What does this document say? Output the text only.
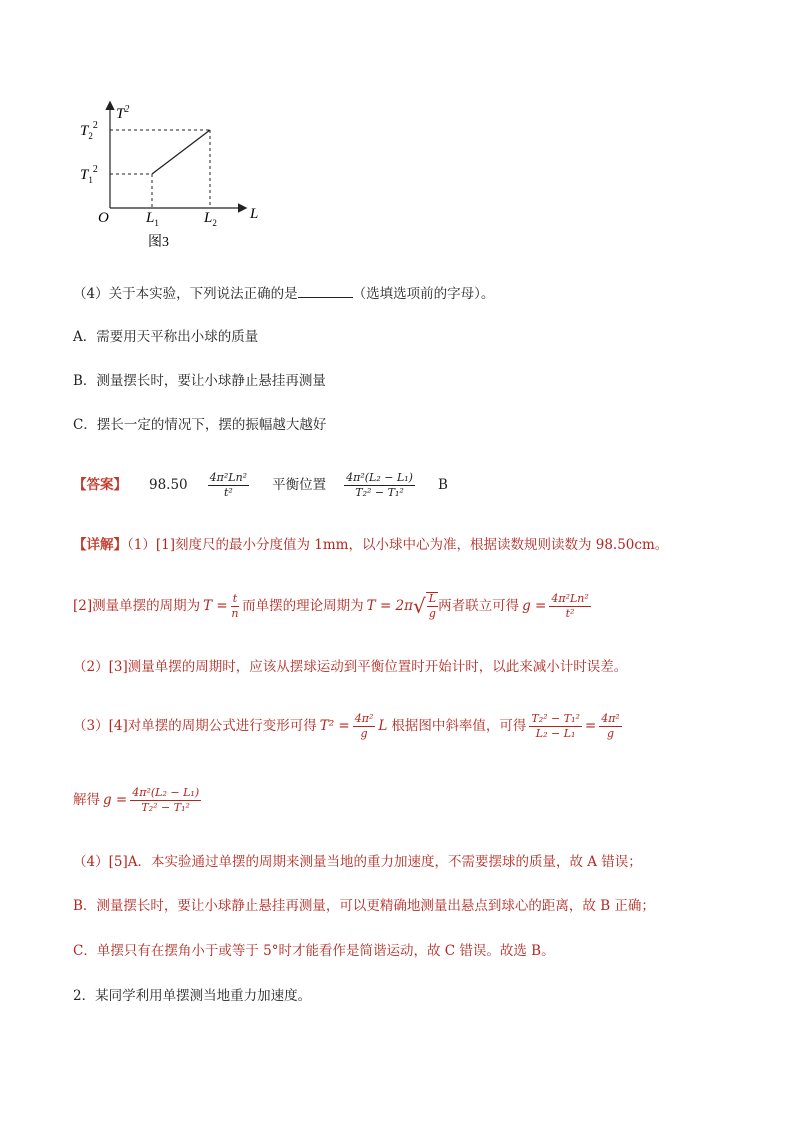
$T^2$
$T_2^2$
$T_1^2$
O $L_1$	$L_2$
L
图3
（4）关于本实验，下列说法正确的是	（选填选项前的字母）。
A．需要用天平称出小球的质量
B．测量摆长时，要让小球静止悬挂再测量
C．摆长一定的情况下，摆的振幅越大越好
【答案】 $98.50 \frac{\text{4π²Ln²}}{\text{t²}}$ 平衡位置 $\frac{\text{4π²(L₂ − L₁)}}{\text{T₂² − T₁²}}$ B
【详解】（1）[1]刻度尺的最小分度值为 1mm，以小球中心为准，根据读数规则读数为 98.50cm。
[2]测量单摆的周期为 $T = \frac{t}{n}$ 而单摆的理论周期为 T = 2π √ $\frac{L}{g}$ 两者联立可得 $g = \frac{\text{4π²Ln²}}{\text{t²}}$
（2）[3]测量单摆的周期时，应该从摆球运动到平衡位置时开始计时，以此来减小计时误差。
（3）[4]对单摆的周期公式进行变形可得 $T^2 = \frac{\text{4π²}}{g}$ L 根据图中斜率值，可得 $\frac{\text{T₂² − T₁²}}{\text{L₂ − L₁}} = \frac{\text{4π²}}{g}$
解得 $g = \frac{\text{4π²(L₂ − L₁)}}{\text{T₂² − T₁²}}$
（4）[5]A．本实验通过单摆的周期来测量当地的重力加速度，不需要摆球的质量，故 A 错误；
B．测量摆长时，要让小球静止悬挂再测量，可以更精确地测量出悬点到球心的距离，故 B 正确；
C．单摆只有在摆角小于或等于 5°时才能看作是简谐运动，故 C 错误。故选 B。
2．某同学利用单摆测当地重力加速度。
